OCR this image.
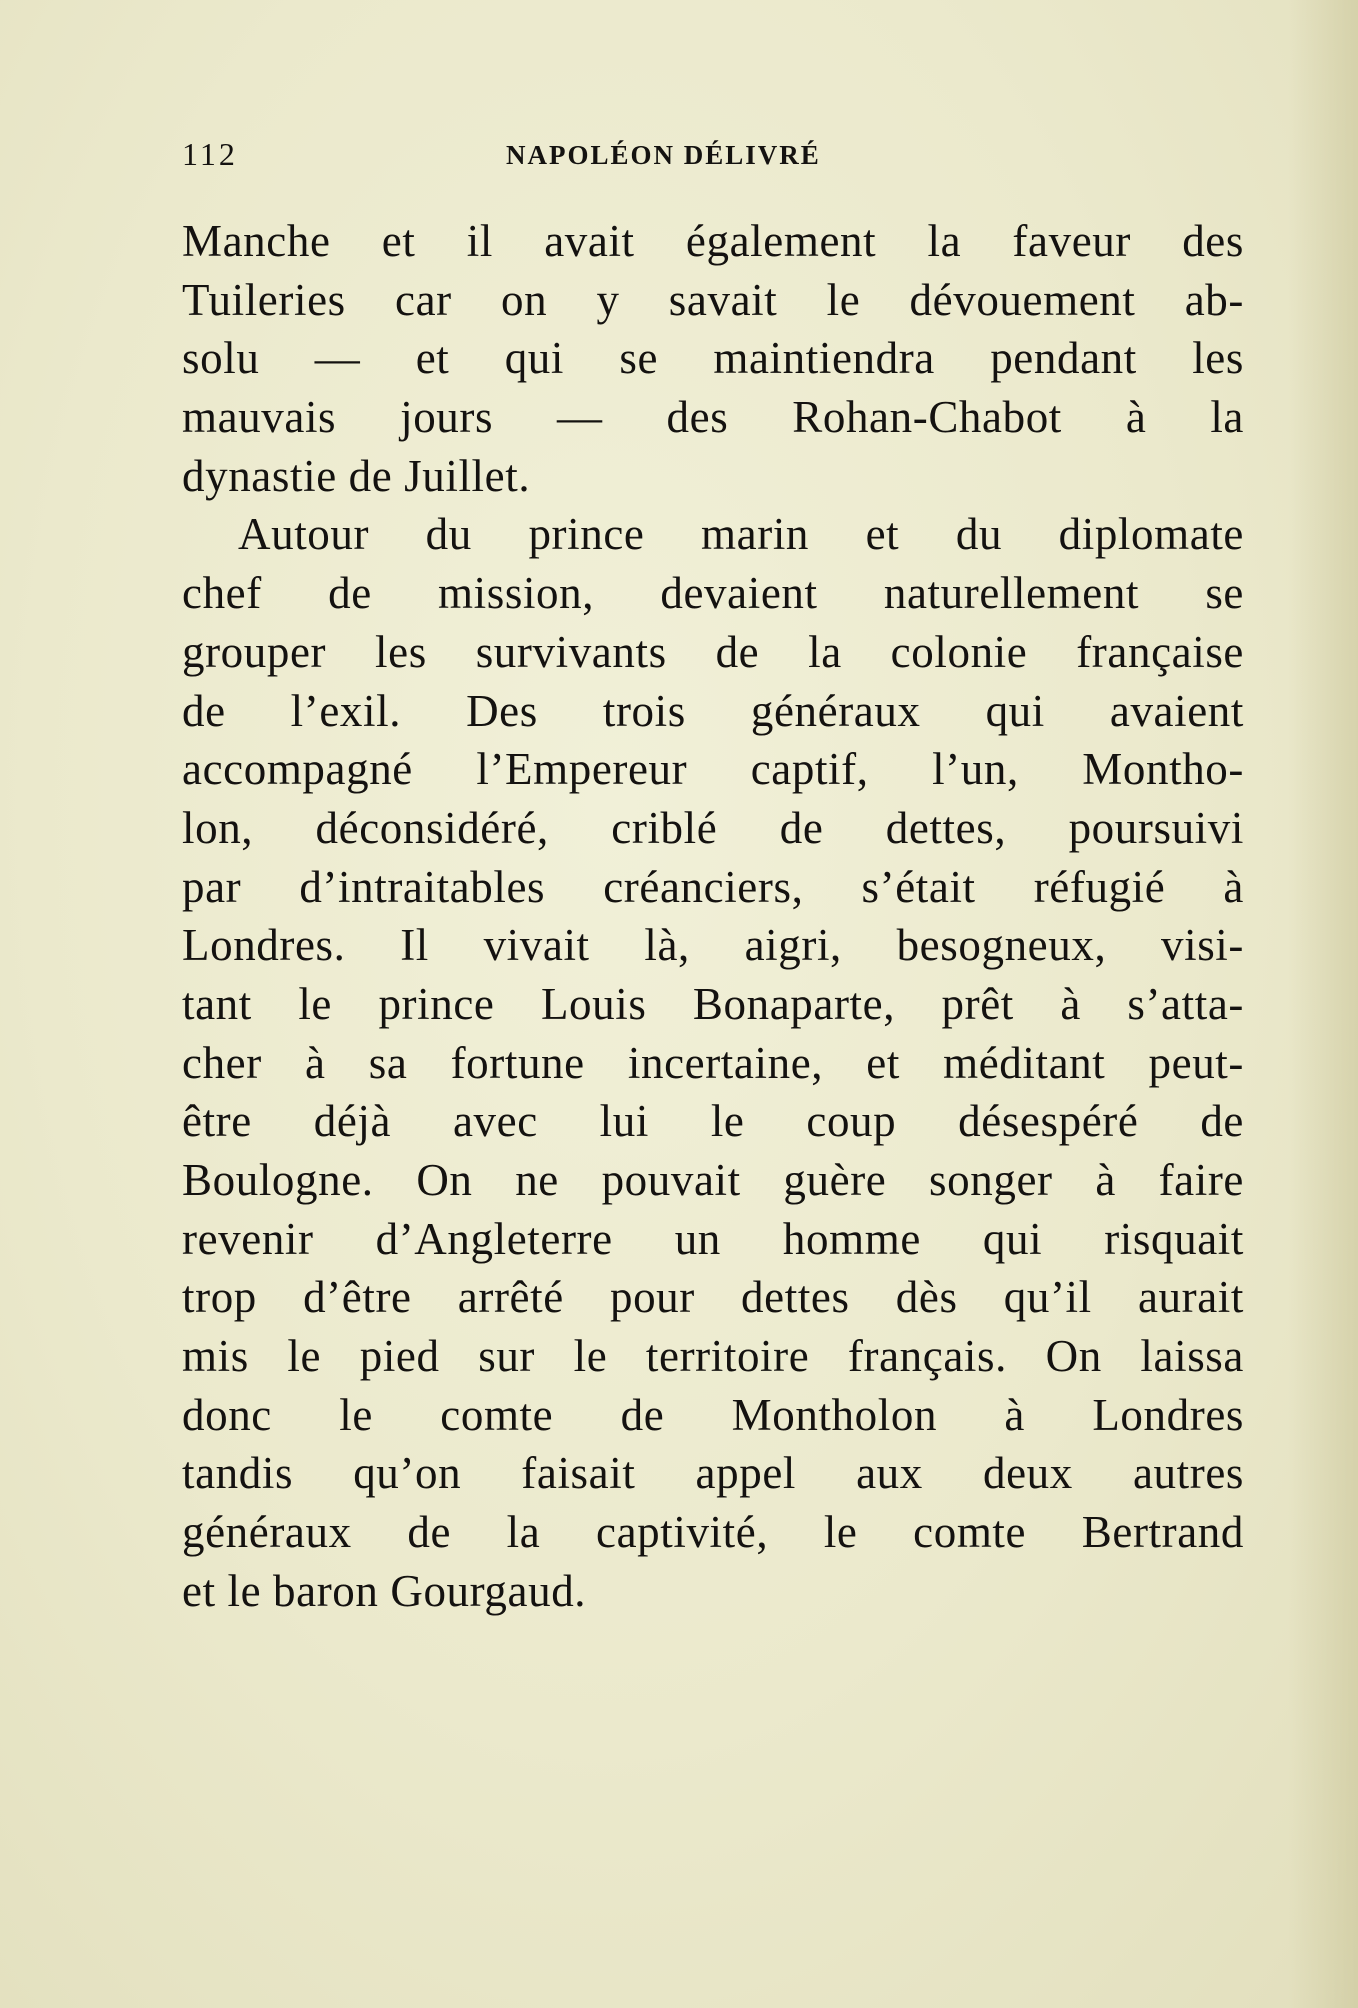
112	NAPOLÉON DÉLIVRÉ
Manche et il avait également la faveur des
Tuileries car on y savait le dévouement ab-
solu — et qui se maintiendra pendant les
mauvais jours — des Rohan-Chabot à la
dynastie de Juillet.
Autour du prince marin et du diplomate
chef de mission, devaient naturellement se
grouper les survivants de la colonie française
de l’exil. Des trois généraux qui avaient
accompagné l’Empereur captif, l’un, Montho-
lon, déconsidéré, criblé de dettes, poursuivi
par d’intraitables créanciers, s’était réfugié à
Londres. Il vivait là, aigri, besogneux, visi-
tant le prince Louis Bonaparte, prêt à s’atta-
cher à sa fortune incertaine, et méditant peut-
être déjà avec lui le coup désespéré de
Boulogne. On ne pouvait guère songer à faire
revenir d’Angleterre un homme qui risquait
trop d’être arrêté pour dettes dès qu’il aurait
mis le pied sur le territoire français. On laissa
donc le comte de Montholon à Londres
tandis qu’on faisait appel aux deux autres
généraux de la captivité, le comte Bertrand
et le baron Gourgaud.
